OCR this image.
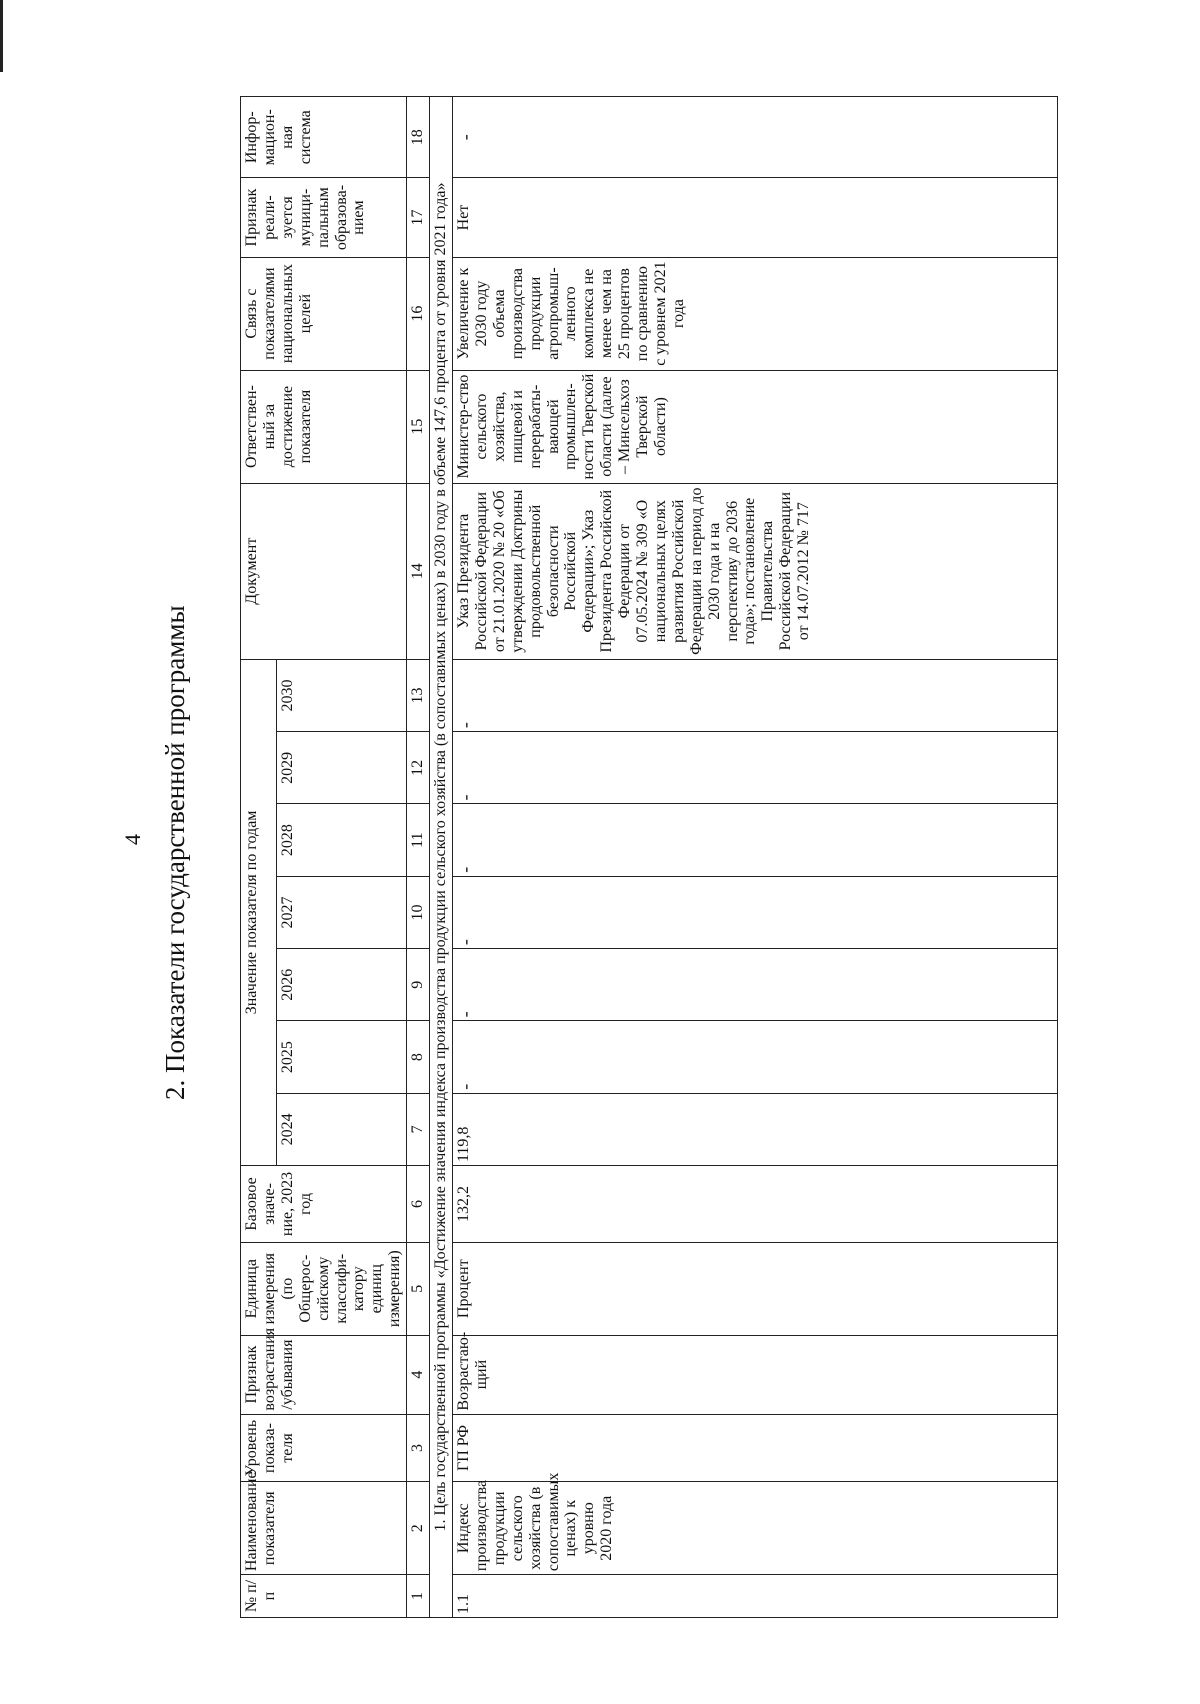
4 2. Показатели государственной программы
№ п/п	Наименование показателя	Уровень показа-теля	Признак возрастания /убывания	Единица измерения (по Общерос-сийскому классифи-катору единиц измерения)	Базовое значе-ние, 2023 год	Значение показателя по годам							Документ	Ответствен-ный за достижение показателя	Связь с показателями национальных целей	Признак реали-зуется муници-пальным образова-нием	Инфор-мацион-ная система
						2024	2025	2026	2027	2028	2029	2030					
1	2	3	4	5	6	7	8	9	10	11	12	13	14	15	16	17	18
1. Цель государственной программы «Достижение значения индекса производства продукции сельского хозяйства (в сопоставимых ценах) в 2030 году в объеме 147,6 процента от уровня 2021 года»																	
1.1	Индекс производства продукции сельского хозяйства (в сопоставимых ценах) к уровню 2020 года	ГП РФ	Возрастаю-щий	Процент	132,2	119,8	-	-	-	-	-	-	Указ Президента Российской Федерации от 21.01.2020 № 20 «Об утверждении Доктрины продовольственной безопасности Российской Федерации»; Указ Президента Российской Федерации от 07.05.2024 № 309 «О национальных целях развития Российской Федерации на период до 2030 года и на перспективу до 2036 года»; постановление Правительства Российской Федерации от 14.07.2012 № 717	Министер-ство сельского хозяйства, пищевой и перерабаты-вающей промышлен-ности Тверской области (далее – Минсельхоз Тверской области)	Увеличение к 2030 году объема производства продукции агропромыш-ленного комплекса не менее чем на 25 процентов по сравнению с уровнем 2021 года	Нет	-
